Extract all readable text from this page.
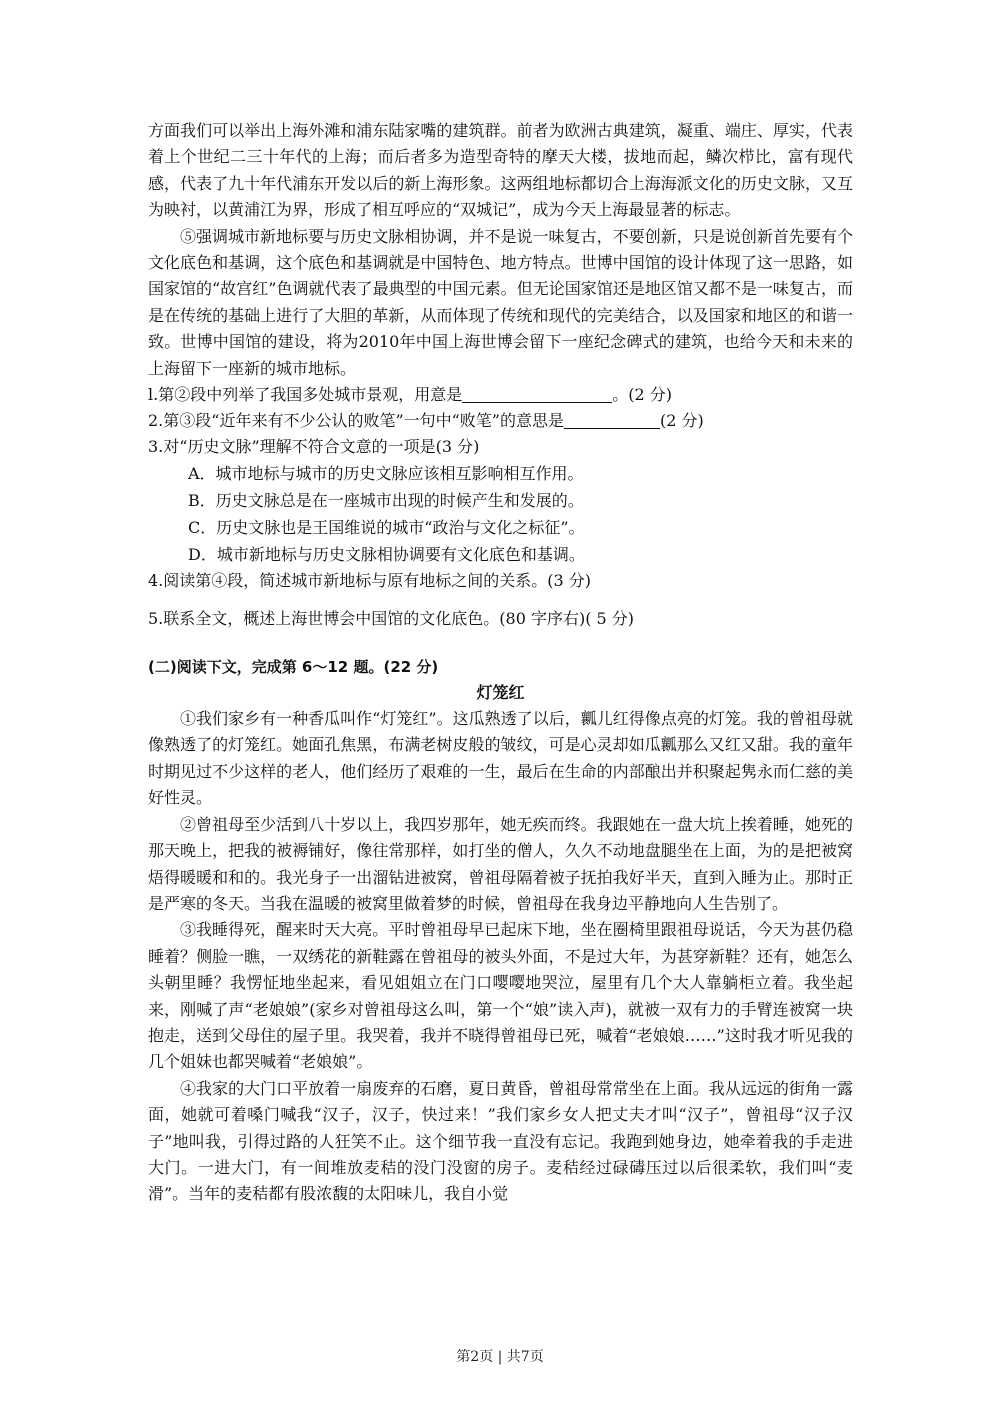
方面我们可以举出上海外滩和浦东陆家嘴的建筑群。前者为欧洲古典建筑，凝重、端庄、厚实，代表着上个世纪二三十年代的上海；而后者多为造型奇特的摩天大楼，拔地而起，鳞次栉比，富有现代感，代表了九十年代浦东开发以后的新上海形象。这两组地标都切合上海海派文化的历史文脉，又互为映衬，以黄浦江为界，形成了相互呼应的“双城记”，成为今天上海最显著的标志。

⑤强调城市新地标要与历史文脉相协调，并不是说一味复古，不要创新，只是说创新首先要有个文化底色和基调，这个底色和基调就是中国特色、地方特点。世博中国馆的设计体现了这一思路，如国家馆的“故宫红”色调就代表了最典型的中国元素。但无论国家馆还是地区馆又都不是一味复古，而是在传统的基础上进行了大胆的革新，从而体现了传统和现代的完美结合，以及国家和地区的和谐一致。世博中国馆的建设，将为2010年中国上海世博会留下一座纪念碑式的建筑，也给今天和未来的上海留下一座新的城市地标。

l.第②段中列举了我国多处城市景观，用意是	。(2 分)

2.第③段“近年来有不少公认的败笔”一句中“败笔”的意思是	(2 分)

3.对“历史文脉”理解不符合文意的一项是(3 分)

A．城市地标与城市的历史文脉应该相互影响相互作用。

B．历史文脉总是在一座城市出现的时候产生和发展的。

C．历史文脉也是王国维说的城市“政治与文化之标征”。

D．城市新地标与历史文脉相协调要有文化底色和基调。

4.阅读第④段，简述城市新地标与原有地标之间的关系。(3 分)

5.联系全文，概述上海世博会中国馆的文化底色。(80 字序右)( 5 分)

(二)阅读下文，完成第 6～12 题。(22 分)

灯笼红

①我们家乡有一种香瓜叫作“灯笼红”。这瓜熟透了以后，瓤儿红得像点亮的灯笼。我的曾祖母就像熟透了的灯笼红。她面孔焦黑，布满老树皮般的皱纹，可是心灵却如瓜瓤那么又红又甜。我的童年时期见过不少这样的老人，他们经历了艰难的一生，最后在生命的内部酿出并积聚起隽永而仁慈的美好性灵。

②曾祖母至少活到八十岁以上，我四岁那年，她无疾而终。我跟她在一盘大坑上挨着睡，她死的那天晚上，把我的被褥铺好，像往常那样，如打坐的僧人，久久不动地盘腿坐在上面，为的是把被窝焐得暖暖和和的。我光身子一出溜钻进被窝，曾祖母隔着被子抚拍我好半天，直到入睡为止。那时正是严寒的冬天。当我在温暖的被窝里做着梦的时候，曾祖母在我身边平静地向人生告别了。

③我睡得死，醒来时天大亮。平时曾祖母早已起床下地，坐在圈椅里跟祖母说话，今天为甚仍稳睡着？侧脸一瞧，一双绣花的新鞋露在曾祖母的被头外面，不是过大年，为甚穿新鞋？还有，她怎么头朝里睡？我愣怔地坐起来，看见姐姐立在门口嘤嘤地哭泣，屋里有几个大人靠躺柜立着。我坐起来，刚喊了声“老娘娘”(家乡对曾祖母这么叫，第一个“娘”读入声)，就被一双有力的手臂连被窝一块抱走，送到父母住的屋子里。我哭着，我并不晓得曾祖母已死，喊着“老娘娘……”这时我才听见我的几个姐妹也都哭喊着“老娘娘”。

④我家的大门口平放着一扇废弃的石磨，夏日黄昏，曾祖母常常坐在上面。我从远远的街角一露面，她就可着嗓门喊我“汉子，汉子，快过来！”我们家乡女人把丈夫才叫“汉子”，曾祖母“汉子汉子”地叫我，引得过路的人狂笑不止。这个细节我一直没有忘记。我跑到她身边，她牵着我的手走进大门。一进大门，有一间堆放麦秸的没门没窗的房子。麦秸经过碌碡压过以后很柔软，我们叫“麦滑”。当年的麦秸都有股浓馥的太阳味儿，我自小觉

第2页 | 共7页
